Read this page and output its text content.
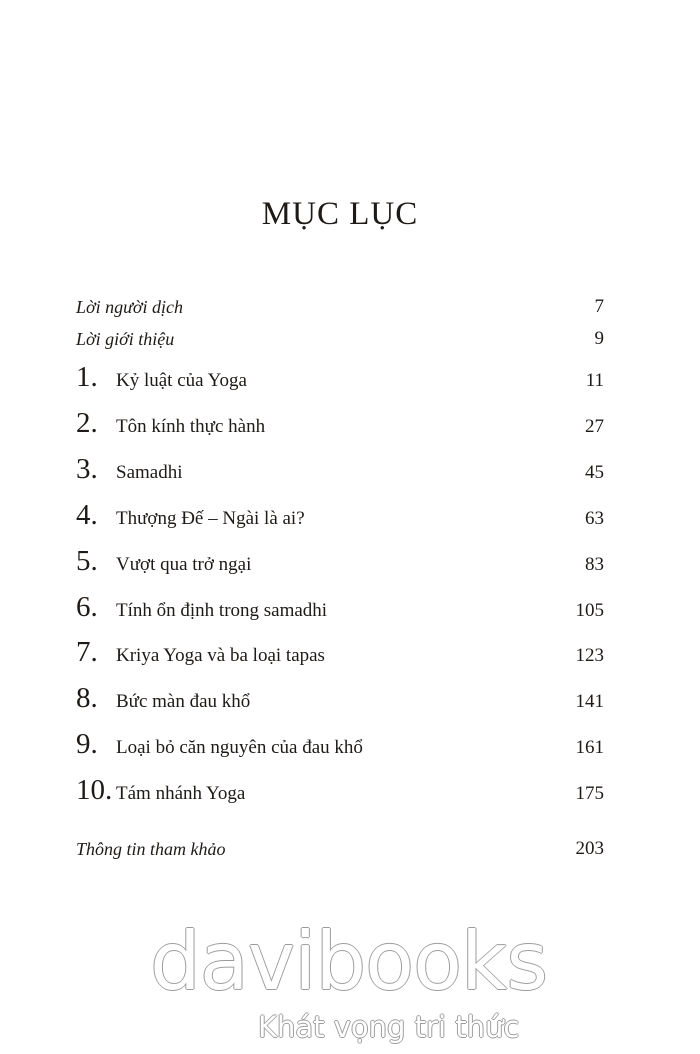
MỤC LỤC
Lời người dịch	7
Lời giới thiệu	9
1. Kỷ luật của Yoga	11
2. Tôn kính thực hành	27
3. Samadhi	45
4. Thượng Đế – Ngài là ai?	63
5. Vượt qua trở ngại	83
6. Tính ổn định trong samadhi	105
7. Kriya Yoga và ba loại tapas	123
8. Bức màn đau khổ	141
9. Loại bỏ căn nguyên của đau khổ	161
10. Tám nhánh Yoga	175
Thông tin tham khảo	203
davibooks
Khát vọng tri thức
